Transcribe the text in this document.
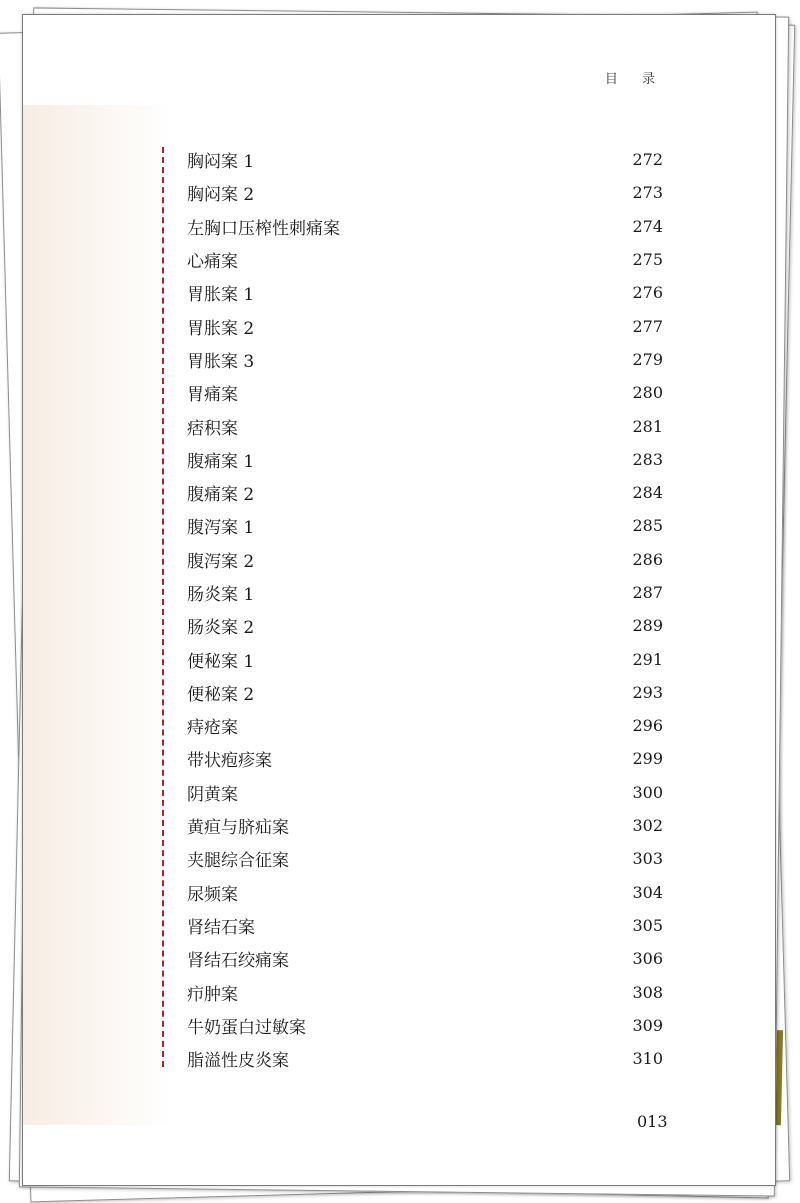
目 录
胸闷案 1	272
胸闷案 2	273
左胸口压榨性刺痛案	274
心痛案	275
胃胀案 1	276
胃胀案 2	277
胃胀案 3	279
胃痛案	280
痞积案	281
腹痛案 1	283
腹痛案 2	284
腹泻案 1	285
腹泻案 2	286
肠炎案 1	287
肠炎案 2	289
便秘案 1	291
便秘案 2	293
痔疮案	296
带状疱疹案	299
阴黄案	300
黄疸与脐疝案	302
夹腿综合征案	303
尿频案	304
肾结石案	305
肾结石绞痛案	306
疖肿案	308
牛奶蛋白过敏案	309
脂溢性皮炎案	310
013
